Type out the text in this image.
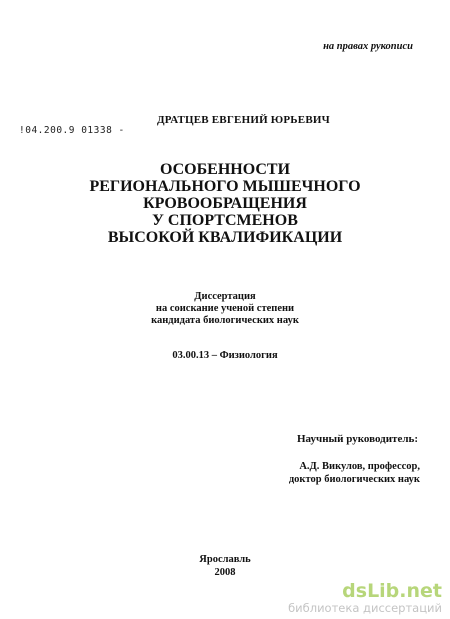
на правах рукописи
!04.200.9 01338 -
ДРАТЦЕВ ЕВГЕНИЙ ЮРЬЕВИЧ
ОСОБЕННОСТИ
РЕГИОНАЛЬНОГО МЫШЕЧНОГО
КРОВООБРАЩЕНИЯ
У СПОРТСМЕНОВ
ВЫСОКОЙ КВАЛИФИКАЦИИ
Диссертация
на соискание ученой степени
кандидата биологических наук
03.00.13 – Физиология
Научный руководитель:
А.Д. Викулов, профессор,
доктор биологических наук
Ярославль
2008
dsLib.net
библиотека диссертаций
